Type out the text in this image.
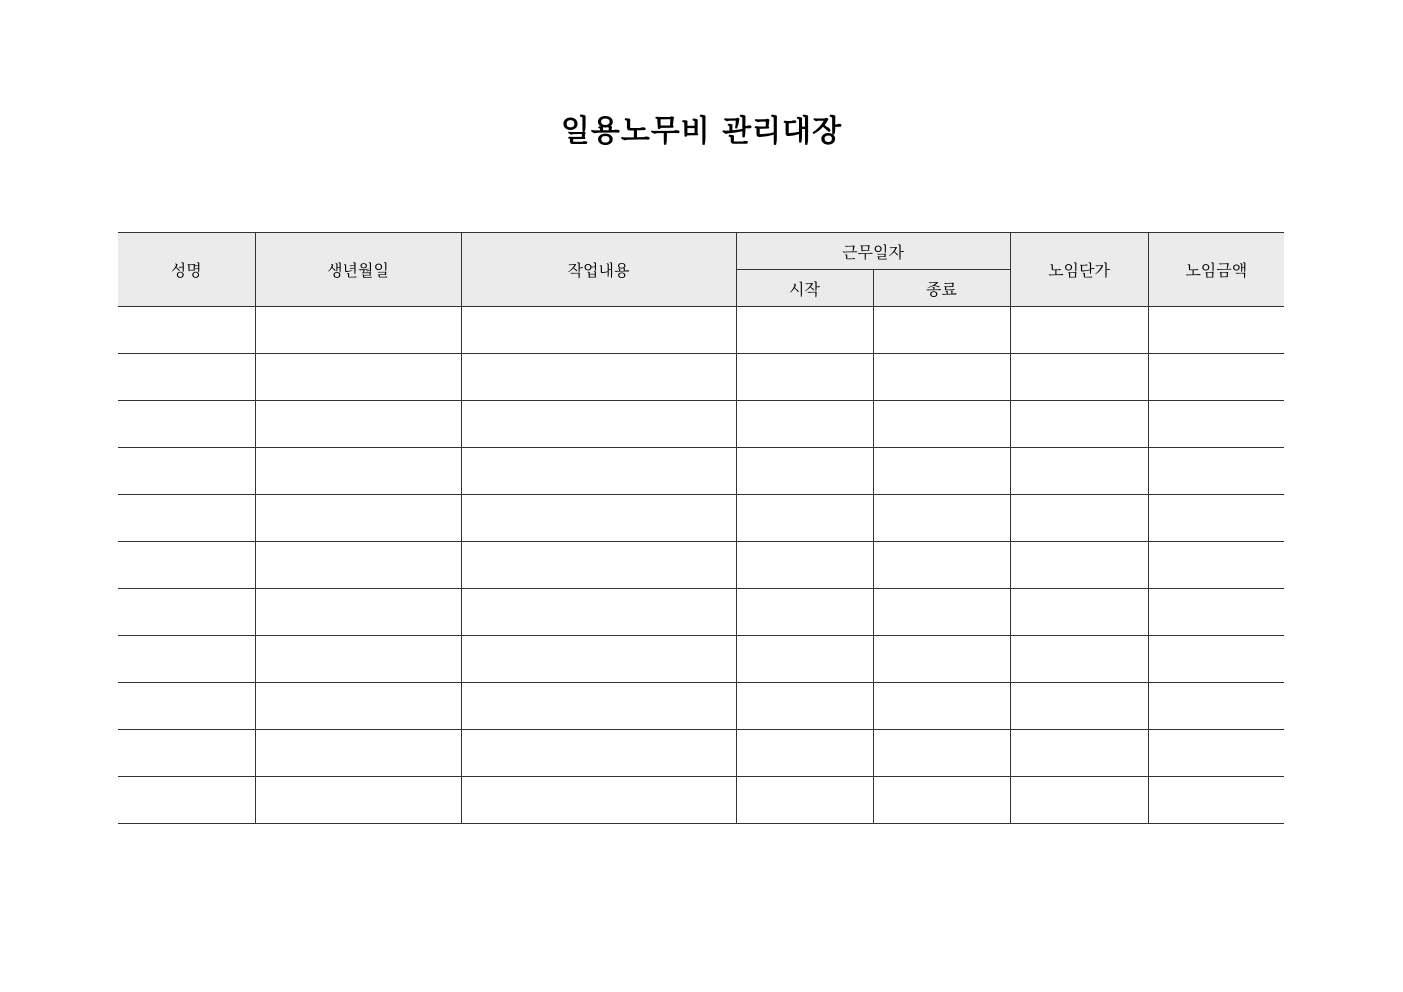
일용노무비 관리대장
성명	생년월일	작업내용	근무일자		노임단가	노임금액
			시작	종료		
